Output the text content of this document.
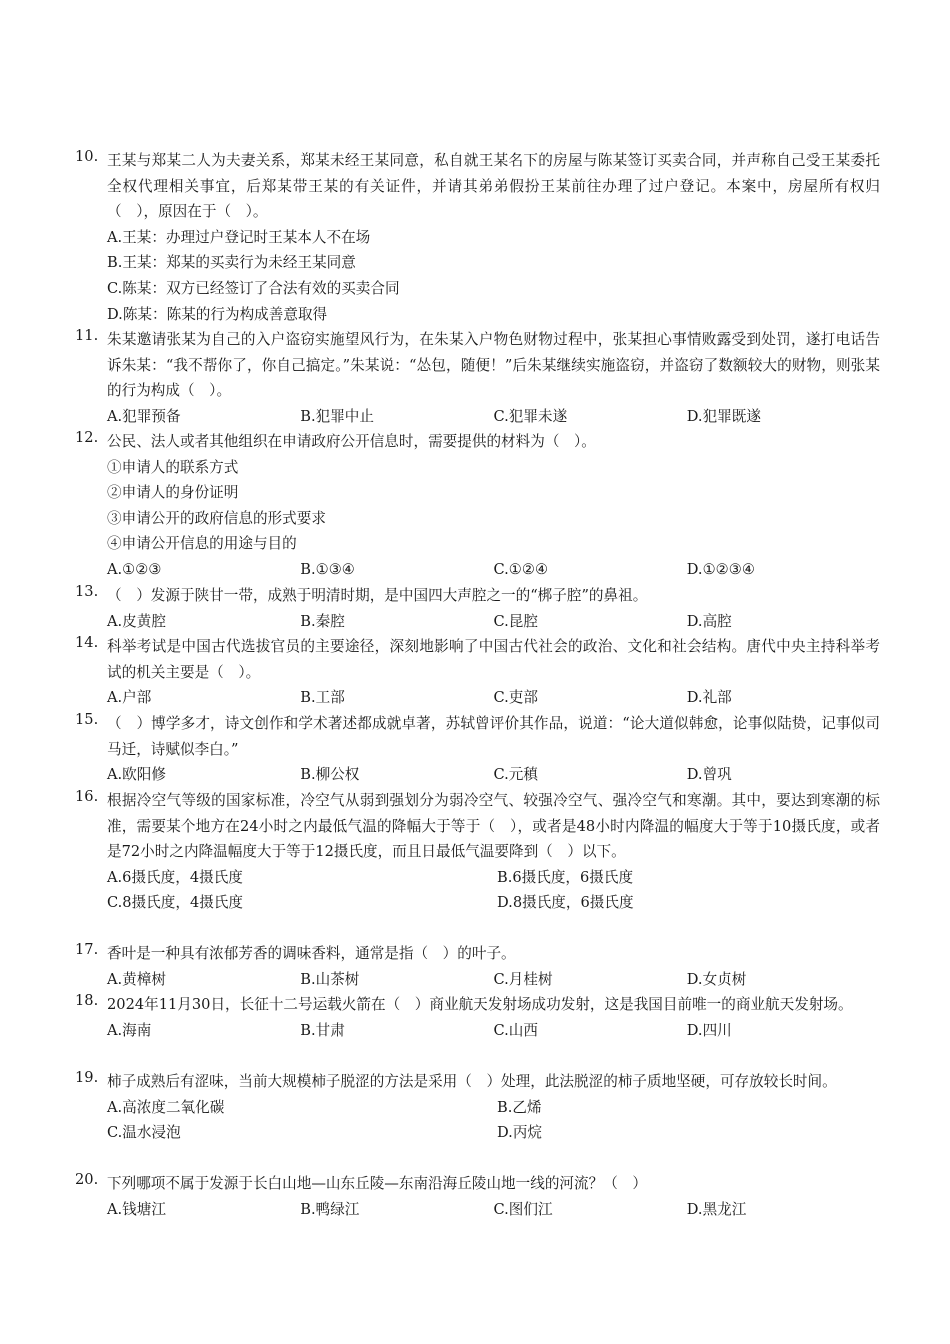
10. 王某与郑某二人为夫妻关系，郑某未经王某同意，私自就王某名下的房屋与陈某签订买卖合同，并声称自己受王某委托全权代理相关事宜，后郑某带王某的有关证件，并请其弟弟假扮王某前往办理了过户登记。本案中，房屋所有权归（　），原因在于（　）。
A.王某：办理过户登记时王某本人不在场
B.王某：郑某的买卖行为未经王某同意
C.陈某：双方已经签订了合法有效的买卖合同
D.陈某：陈某的行为构成善意取得
11. 朱某邀请张某为自己的入户盗窃实施望风行为，在朱某入户物色财物过程中，张某担心事情败露受到处罚，遂打电话告诉朱某：“我不帮你了，你自己搞定。”朱某说：“怂包，随便！”后朱某继续实施盗窃，并盗窃了数额较大的财物，则张某的行为构成（　）。
A.犯罪预备	B.犯罪中止	C.犯罪未遂	D.犯罪既遂
12. 公民、法人或者其他组织在申请政府公开信息时，需要提供的材料为（　）。
①申请人的联系方式
②申请人的身份证明
③申请公开的政府信息的形式要求
④申请公开信息的用途与目的
A.①②③	B.①③④	C.①②④	D.①②③④
13. （　）发源于陕甘一带，成熟于明清时期，是中国四大声腔之一的“梆子腔”的鼻祖。
A.皮黄腔	B.秦腔	C.昆腔	D.高腔
14. 科举考试是中国古代选拔官员的主要途径，深刻地影响了中国古代社会的政治、文化和社会结构。唐代中央主持科举考试的机关主要是（　）。
A.户部	B.工部	C.吏部	D.礼部
15. （　）博学多才，诗文创作和学术著述都成就卓著，苏轼曾评价其作品，说道：“论大道似韩愈，论事似陆贽，记事似司马迁，诗赋似李白。”
A.欧阳修	B.柳公权	C.元稹	D.曾巩
16. 根据冷空气等级的国家标准，冷空气从弱到强划分为弱冷空气、较强冷空气、强冷空气和寒潮。其中，要达到寒潮的标准，需要某个地方在24小时之内最低气温的降幅大于等于（　），或者是48小时内降温的幅度大于等于10摄氏度，或者是72小时之内降温幅度大于等于12摄氏度，而且日最低气温要降到（　）以下。
A.6摄氏度，4摄氏度	B.6摄氏度，6摄氏度
C.8摄氏度，4摄氏度	D.8摄氏度，6摄氏度
17. 香叶是一种具有浓郁芳香的调味香料，通常是指（　）的叶子。
A.黄樟树	B.山茶树	C.月桂树	D.女贞树
18. 2024年11月30日，长征十二号运载火箭在（　）商业航天发射场成功发射，这是我国目前唯一的商业航天发射场。
A.海南	B.甘肃	C.山西	D.四川
19. 柿子成熟后有涩味，当前大规模柿子脱涩的方法是采用（　）处理，此法脱涩的柿子质地坚硬，可存放较长时间。
A.高浓度二氧化碳	B.乙烯
C.温水浸泡	D.丙烷
20. 下列哪项不属于发源于长白山地—山东丘陵—东南沿海丘陵山地一线的河流？（　）
A.钱塘江	B.鸭绿江	C.图们江	D.黑龙江
